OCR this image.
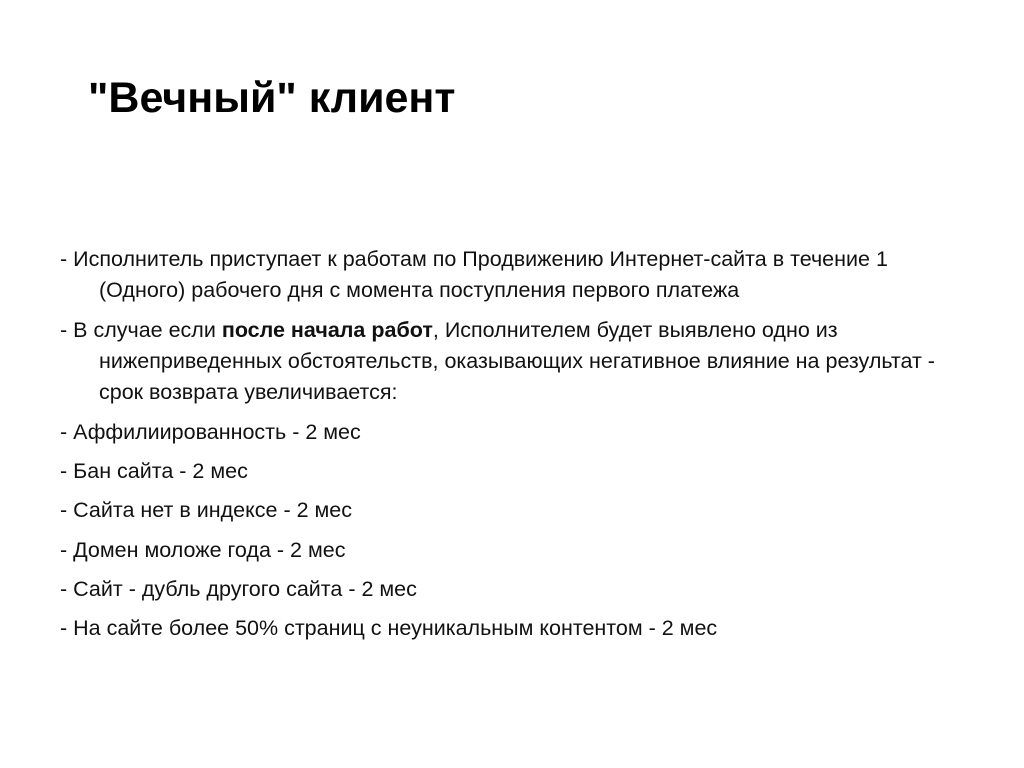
"Вечный" клиент
- Исполнитель приступает к работам по Продвижению Интернет-сайта в течение 1 (Одного) рабочего дня с момента поступления первого платежа
- В случае если после начала работ, Исполнителем будет выявлено одно из нижеприведенных обстоятельств, оказывающих негативное влияние на результат - срок возврата увеличивается:
- Аффилиированность - 2 мес
- Бан сайта - 2 мес
- Сайта нет в индексе - 2 мес
- Домен моложе года - 2 мес
- Сайт - дубль другого сайта - 2 мес
- На сайте более 50% страниц с неуникальным контентом - 2 мес
